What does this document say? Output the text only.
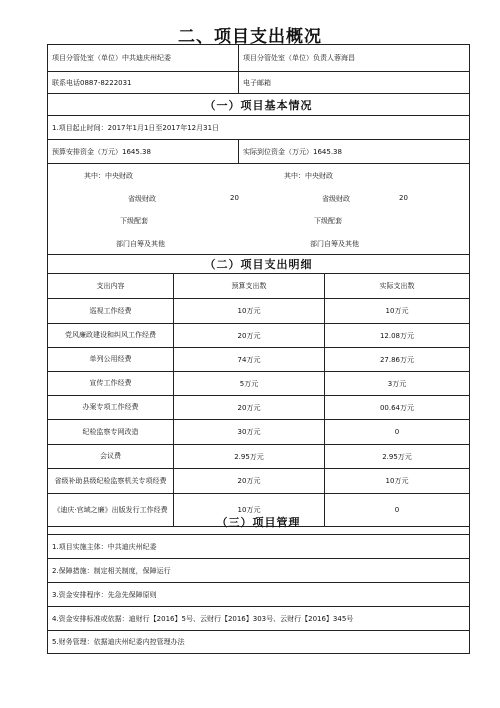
二、项目支出概况
项目分管处室（单位）中共迪庆州纪委	项目分管处室（单位）负责人蓉海昌
联系电话0887-8222031	电子邮箱
（一）项目基本情况
1.项目起止时间：2017年1月1日至2017年12月31日
预算安排资金（万元）1645.38	实际到位资金（万元）1645.38
其中：中央财政
省级财政	20
下级配套
部门自筹及其他
其中：中央财政
省级财政	20
下级配套
部门自筹及其他
（二）项目支出明细
支出内容	预算支出数	实际支出数
巡视工作经费	10万元	10万元
党风廉政建设和纠风工作经费	20万元	12.08万元
单列公用经费	74万元	27.86万元
宣传工作经费	5万元	3万元
办案专项工作经费	20万元	00.64万元
纪检监察专网改造	30万元	0
会议费	2.95万元	2.95万元
省级补助县级纪检监察机关专项经费	20万元	10万元
《迪庆·官域之廉》出版发行工作经费	10万元	0
（三）项目管理
1.项目实施主体：中共迪庆州纪委
2.保障措施：制定相关制度，保障运行
3.资金安排程序：先急先保障原则
4.资金安排标准或依据：迪财行【2016】5号、云财行【2016】303号、云财行【2016】345号
5.财务管理：依据迪庆州纪委内控管理办法
